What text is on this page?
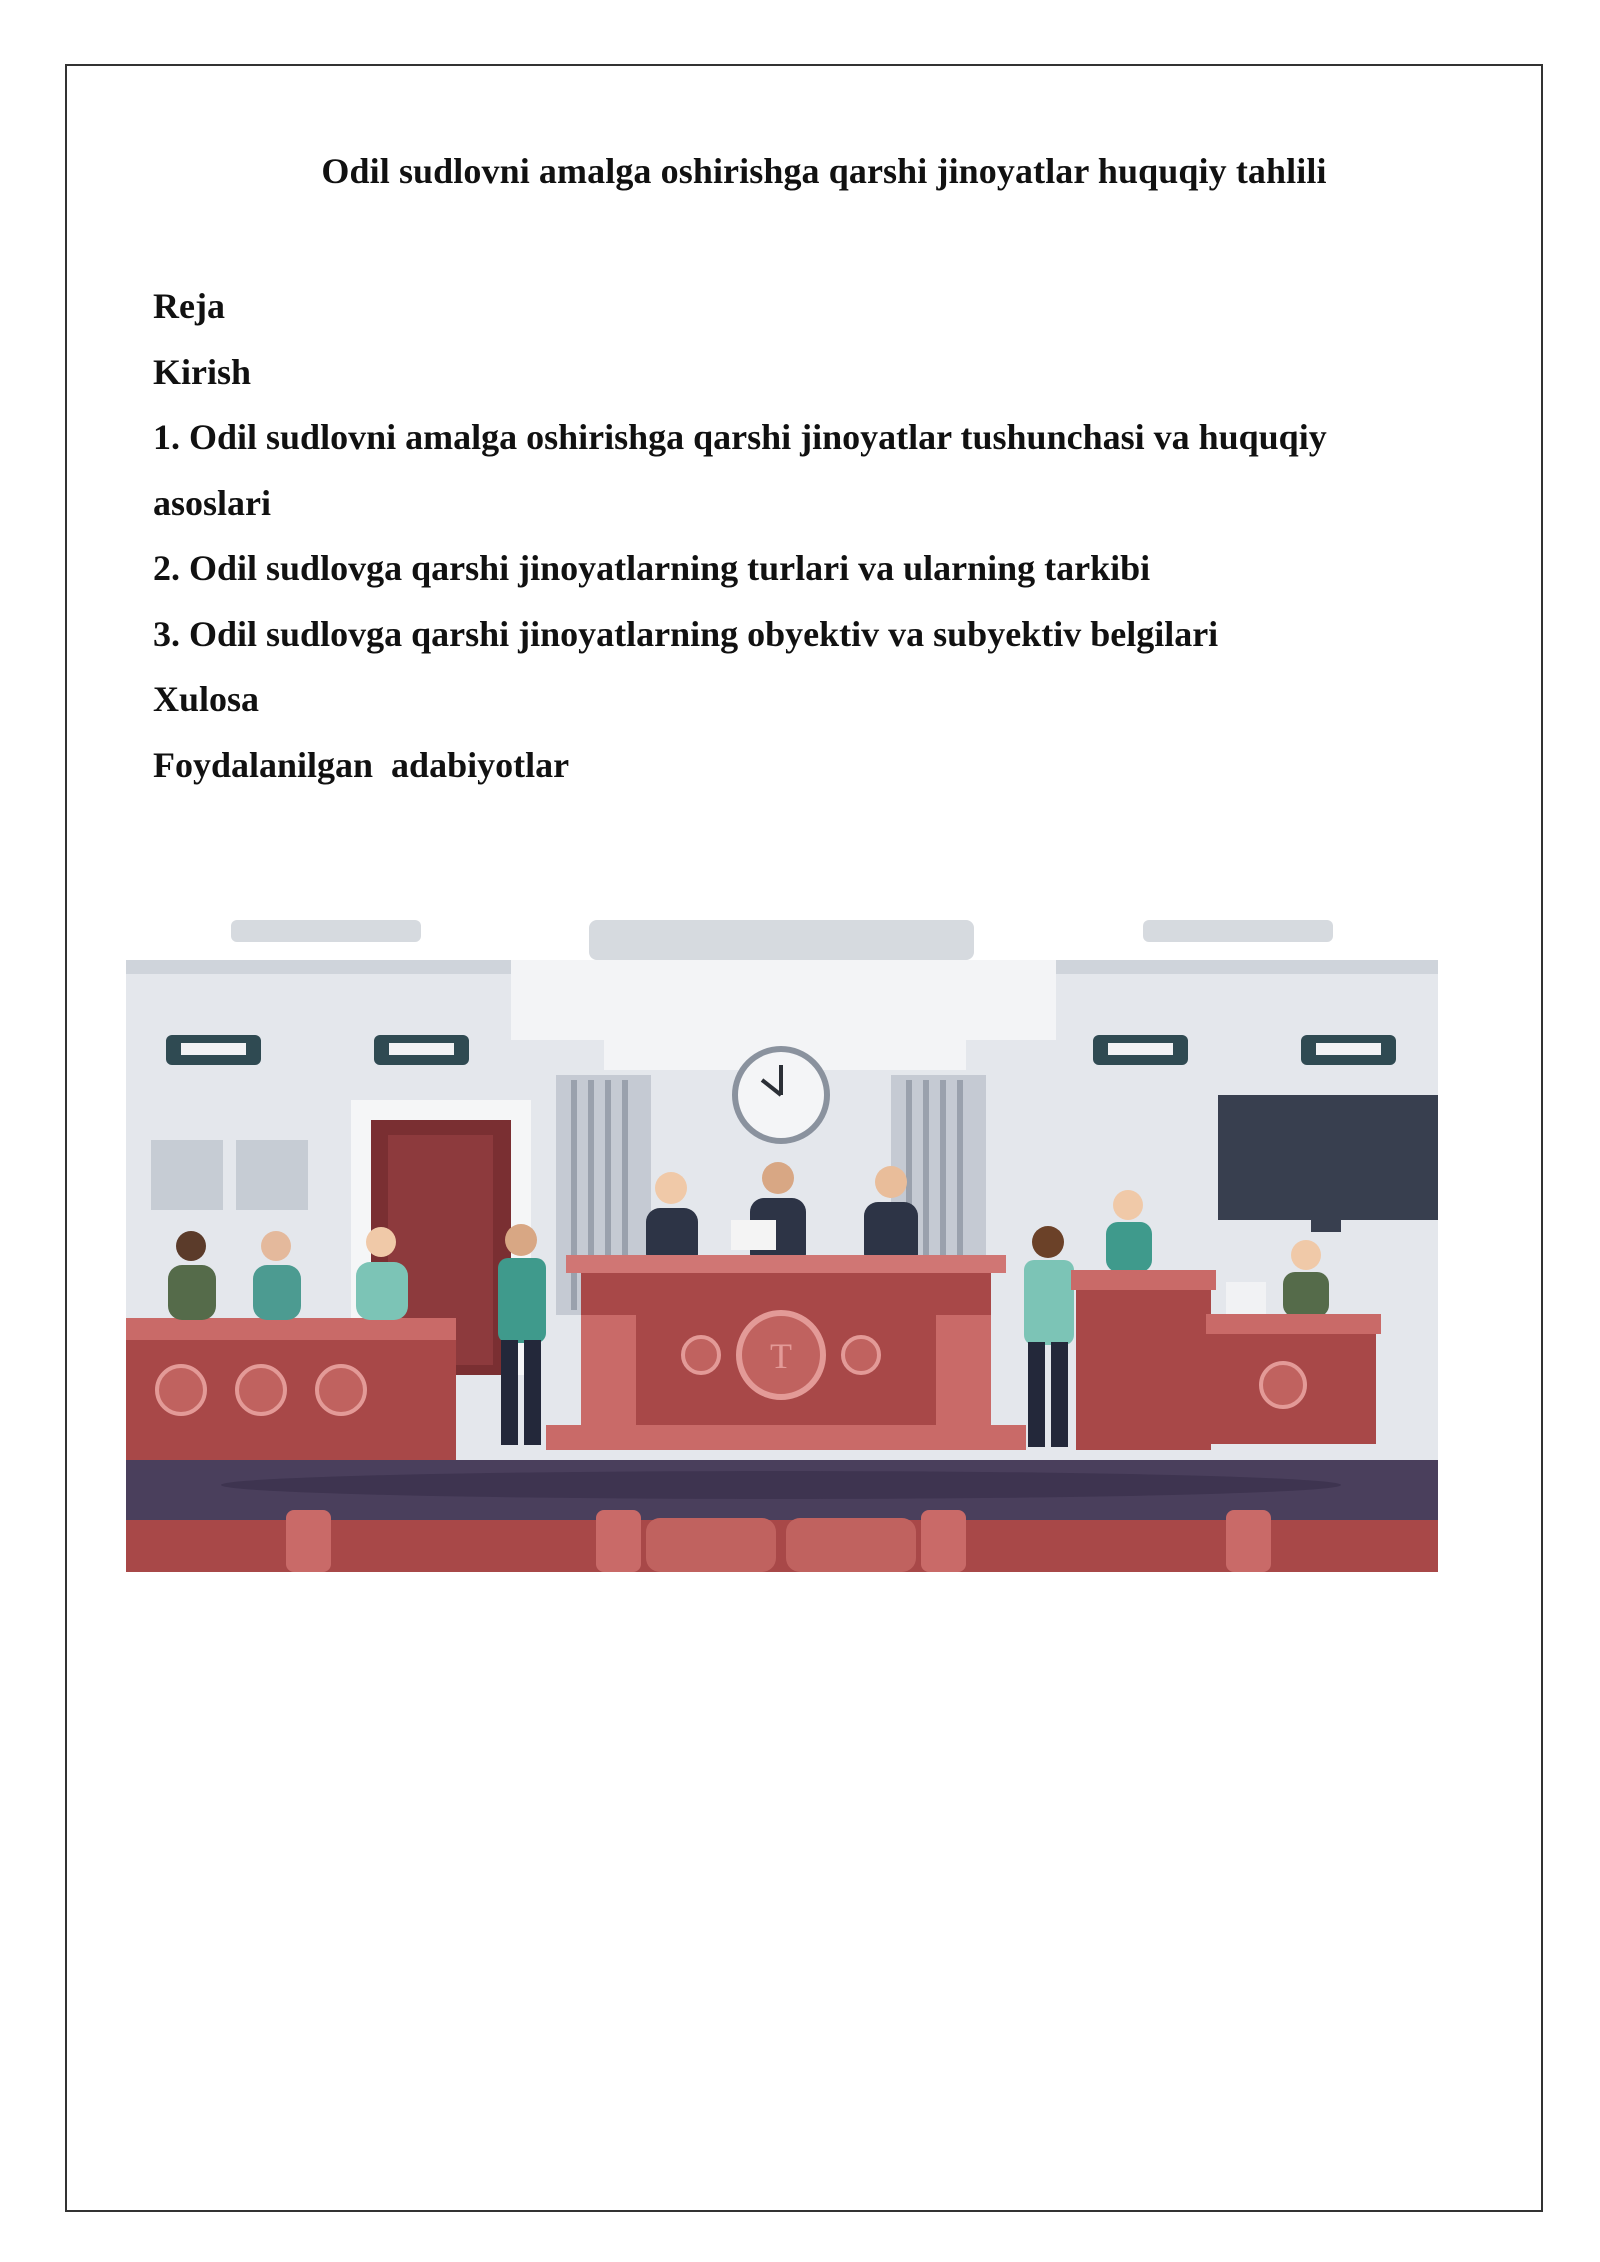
Odil sudlovni amalga oshirishga qarshi jinoyatlar huquqiy tahlili
Reja
Kirish
1. Odil sudlovni amalga oshirishga qarshi jinoyatlar tushunchasi va huquqiy
asoslari
2. Odil sudlovga qarshi jinoyatlarning turlari va ularning tarkibi
3. Odil sudlovga qarshi jinoyatlarning obyektiv va subyektiv belgilari
Xulosa
Foydalanilgan  adabiyotlar
T
